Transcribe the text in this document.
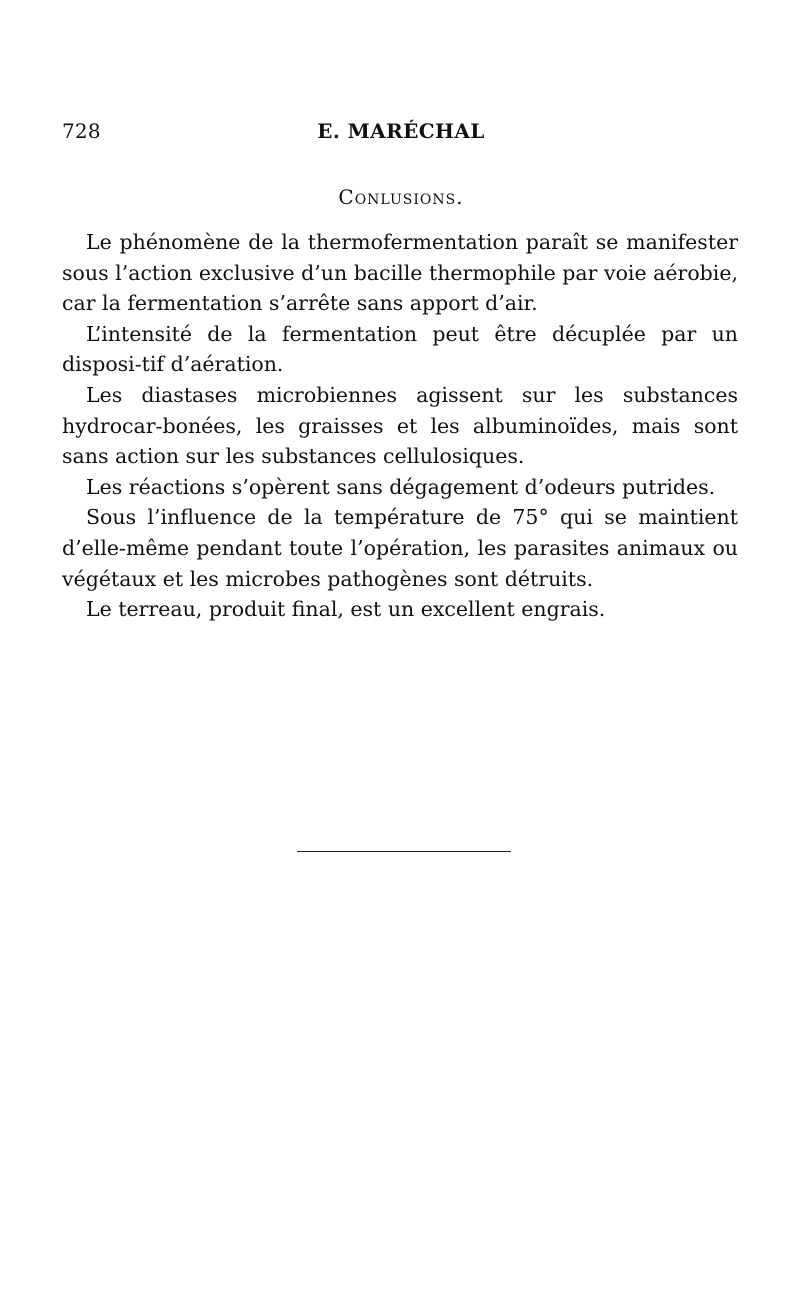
728	E. MARÉCHAL
Conlusions.

Le phénomène de la thermofermentation paraît se manifester sous l’action exclusive d’un bacille thermophile par voie aérobie, car la fermentation s’arrête sans apport d’air.

L’intensité de la fermentation peut être décuplée par un disposi-tif d’aération.

Les diastases microbiennes agissent sur les substances hydrocar-bonées, les graisses et les albuminoïdes, mais sont sans action sur les substances cellulosiques.

Les réactions s’opèrent sans dégagement d’odeurs putrides.

Sous l’influence de la température de 75° qui se maintient d’elle-même pendant toute l’opération, les parasites animaux ou végétaux et les microbes pathogènes sont détruits.

Le terreau, produit final, est un excellent engrais.
